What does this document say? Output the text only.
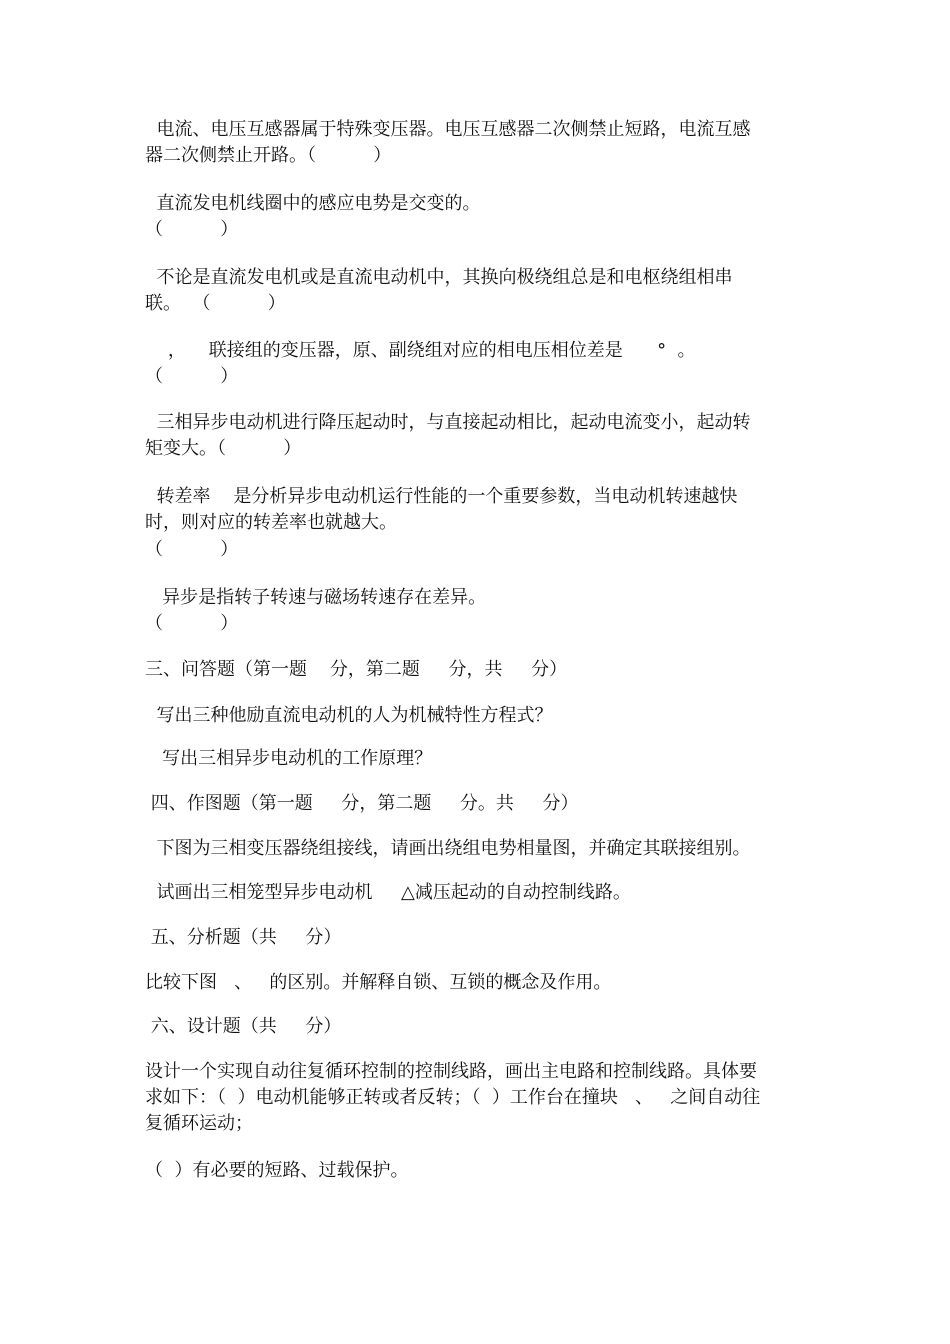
电流、电压互感器属于特殊变压器。电压互感器二次侧禁止短路，电流互感
器二次侧禁止开路。（          ）
直流发电机线圈中的感应电势是交变的。
（          ）
不论是直流发电机或是直流电动机中，其换向极绕组总是和电枢绕组相串
联。  （          ）
，    联接组的变压器，原、副绕组对应的相电压相位差是      °  。
（          ）
三相异步电动机进行降压起动时，与直接起动相比，起动电流变小，起动转
矩变大。（          ）
转差率    是分析异步电动机运行性能的一个重要参数，当电动机转速越快
时，则对应的转差率也就越大。
（          ）
异步是指转子转速与磁场转速存在差异。
（          ）
三、问答题（第一题    分，第二题     分，共     分）
写出三种他励直流电动机的人为机械特性方程式？
写出三相异步电动机的工作原理？
四、作图题（第一题     分，第二题     分。共     分）
下图为三相变压器绕组接线，请画出绕组电势相量图，并确定其联接组别。
试画出三相笼型异步电动机     △减压起动的自动控制线路。
五、分析题（共     分）
比较下图   、   的区别。并解释自锁、互锁的概念及作用。
六、设计题（共     分）
设计一个实现自动往复循环控制的控制线路，画出主电路和控制线路。具体要
求如下：（  ）电动机能够正转或者反转；（  ）工作台在撞块   、   之间自动往
复循环运动；
（  ）有必要的短路、过载保护。
